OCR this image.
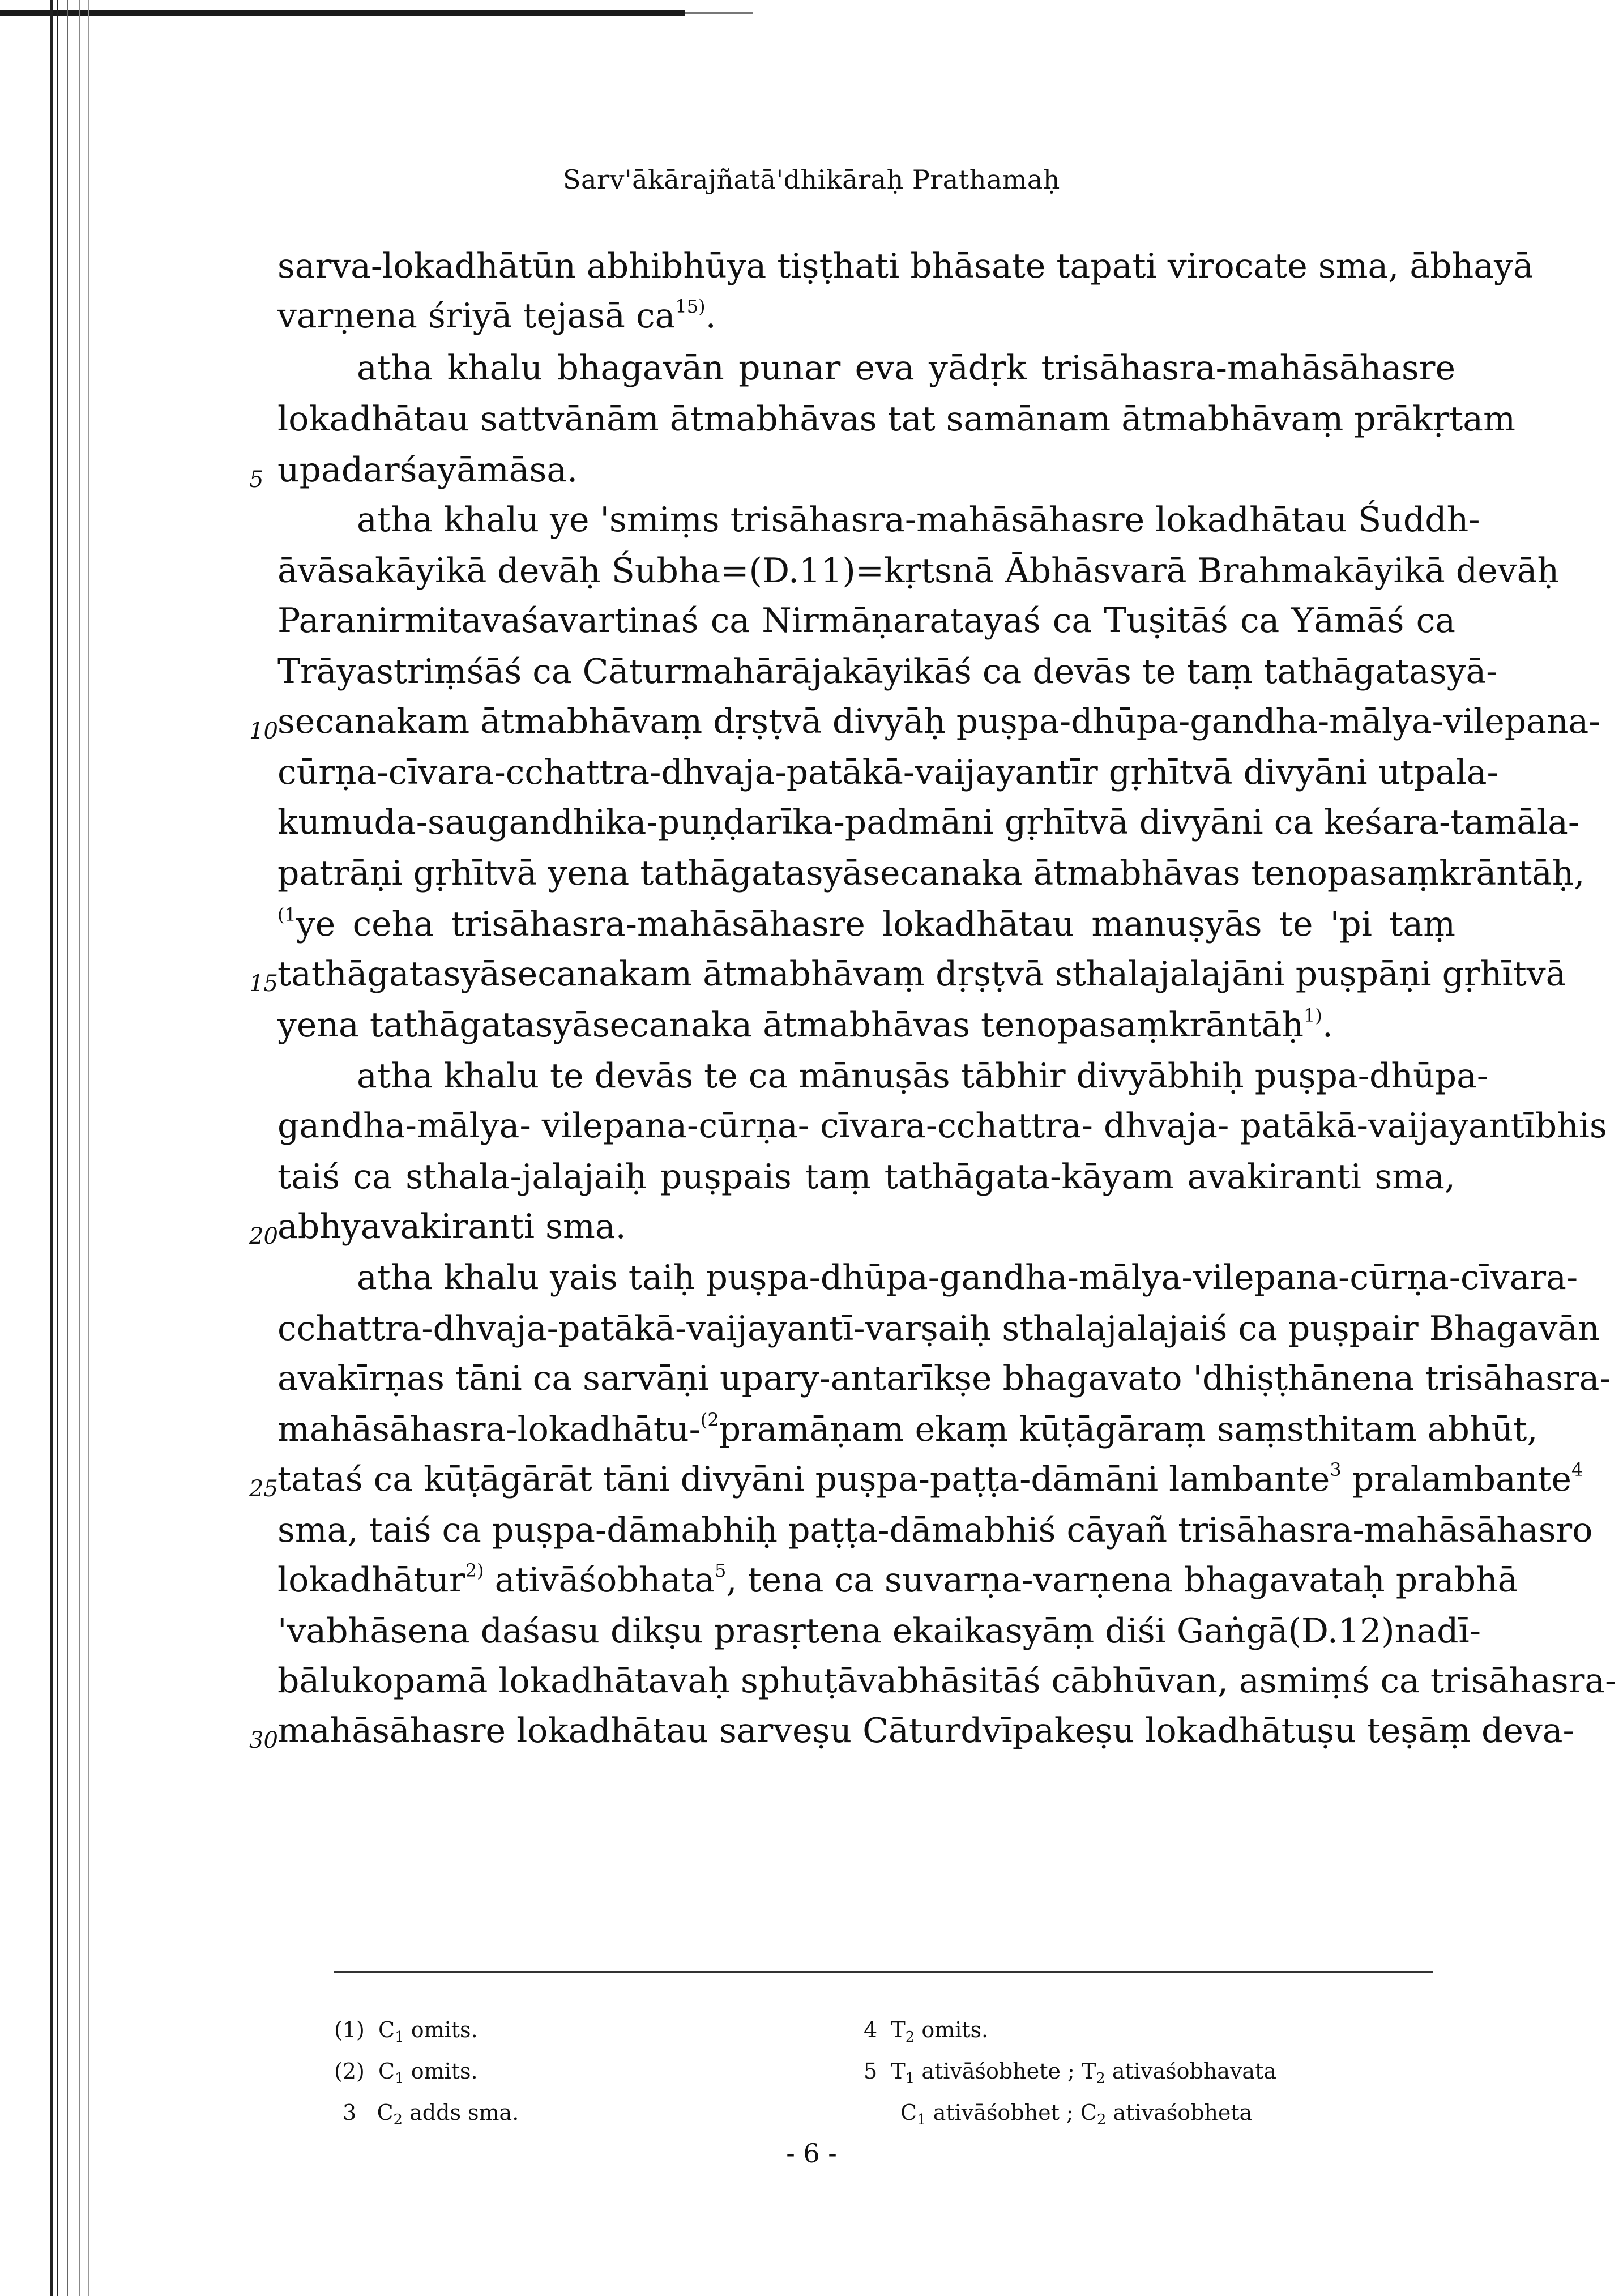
Sarv'ākārajñatā'dhikāraḥ Prathamaḥ
sarva-lokadhātūn abhibhūya tiṣṭhati bhāsate tapati virocate sma, ābhayā
varṇena śriyā tejasā $ca^{15)}$.
atha khalu bhagavān punar eva yādṛk trisāhasra-mahāsāhasre
lokadhātau sattvānām ātmabhāvas tat samānam ātmabhāvaṃ prākṛtam
5 upadarśayāmāsa.
atha khalu ye 'smiṃs trisāhasra-mahāsāhasre lokadhātau Śuddh-
āvāsakāyikā devāḥ Śubha=(D.11)=kṛtsnā Ābhāsvarā Brahmakāyikā devāḥ
Paranirmitavaśavartinaś ca Nirmāṇaratayaś ca Tuṣitāś ca Yāmāś ca
Trāyastriṃśāś ca Cāturmahārājakāyikāś ca devās te taṃ tathāgatasyā-
10 secanakam ātmabhāvaṃ dṛṣṭvā divyāḥ puṣpa-dhūpa-gandha-mālya-vilepana-
cūrṇa-cīvara-cchattra-dhvaja-patākā-vaijayantīr gṛhītvā divyāni utpala-
kumuda-saugandhika-puṇḍarīka-padmāni gṛhītvā divyāni ca keśara-tamāla-
patrāṇi gṛhītvā yena tathāgatasyāsecanaka ātmabhāvas tenopasaṃkrāntāḥ,
$^{(1}$ye ceha trisāhasra-mahāsāhasre lokadhātau manuṣyās te 'pi taṃ
15 tathāgatasyāsecanakam ātmabhāvaṃ dṛṣṭvā sthalajalajāni puṣpāṇi gṛhītvā
yena tathāgatasyāsecanaka ātmabhāvas tenopasaṃkrāntāḥ$^{1)}$.
atha khalu te devās te ca mānuṣās tābhir divyābhiḥ puṣpa-dhūpa-
gandha-mālya- vilepana-cūrṇa- cīvara-cchattra- dhvaja- patākā-vaijayantībhis
taiś ca sthala-jalajaiḥ puṣpais taṃ tathāgata-kāyam avakiranti sma,
20 abhyavakiranti sma.
atha khalu yais taiḥ puṣpa-dhūpa-gandha-mālya-vilepana-cūrṇa-cīvara-
cchattra-dhvaja-patākā-vaijayantī-varṣaiḥ sthalajalajaiś ca puṣpair Bhagavān
avakīrṇas tāni ca sarvāṇi upary-antarīkṣe bhagavato 'dhiṣṭhānena trisāhasra-
mahāsāhasra-lokadhātu-$^{(2}$pramāṇam ekaṃ kūṭāgāraṃ saṃsthitam abhūt,
25 tataś ca kūṭāgārāt tāni divyāni puṣpa-paṭṭa-dāmāni lambante$^3$ pralambante$^4$
sma, taiś ca puṣpa-dāmabhiḥ paṭṭa-dāmabhiś cāyañ trisāhasra-mahāsāhasro
lokadhātur$^{2)}$ ativāśobhata$^5$, tena ca suvarṇa-varṇena bhagavataḥ prabhā
'vabhāsena daśasu dikṣu prasṛtena ekaikasyāṃ diśi Gaṅgā(D.12)nadī-
bālukopamā lokadhātavaḥ sphuṭāvabhāsitāś cābhūvan, asmiṃś ca trisāhasra-
30 mahāsāhasre lokadhātau sarveṣu Cāturdvīpakeṣu lokadhātuṣu teṣāṃ deva-
(1) $C_1$ omits.
(2) $C_1$ omits.
3 $C_2$ adds sma.
4 $T_2$ omits.
5 $T_1$ ativāśobhete ; $T_2$ ativaśobhavata
$C_1$ ativāśobhet ; $C_2$ ativaśobheta
- 6 -
